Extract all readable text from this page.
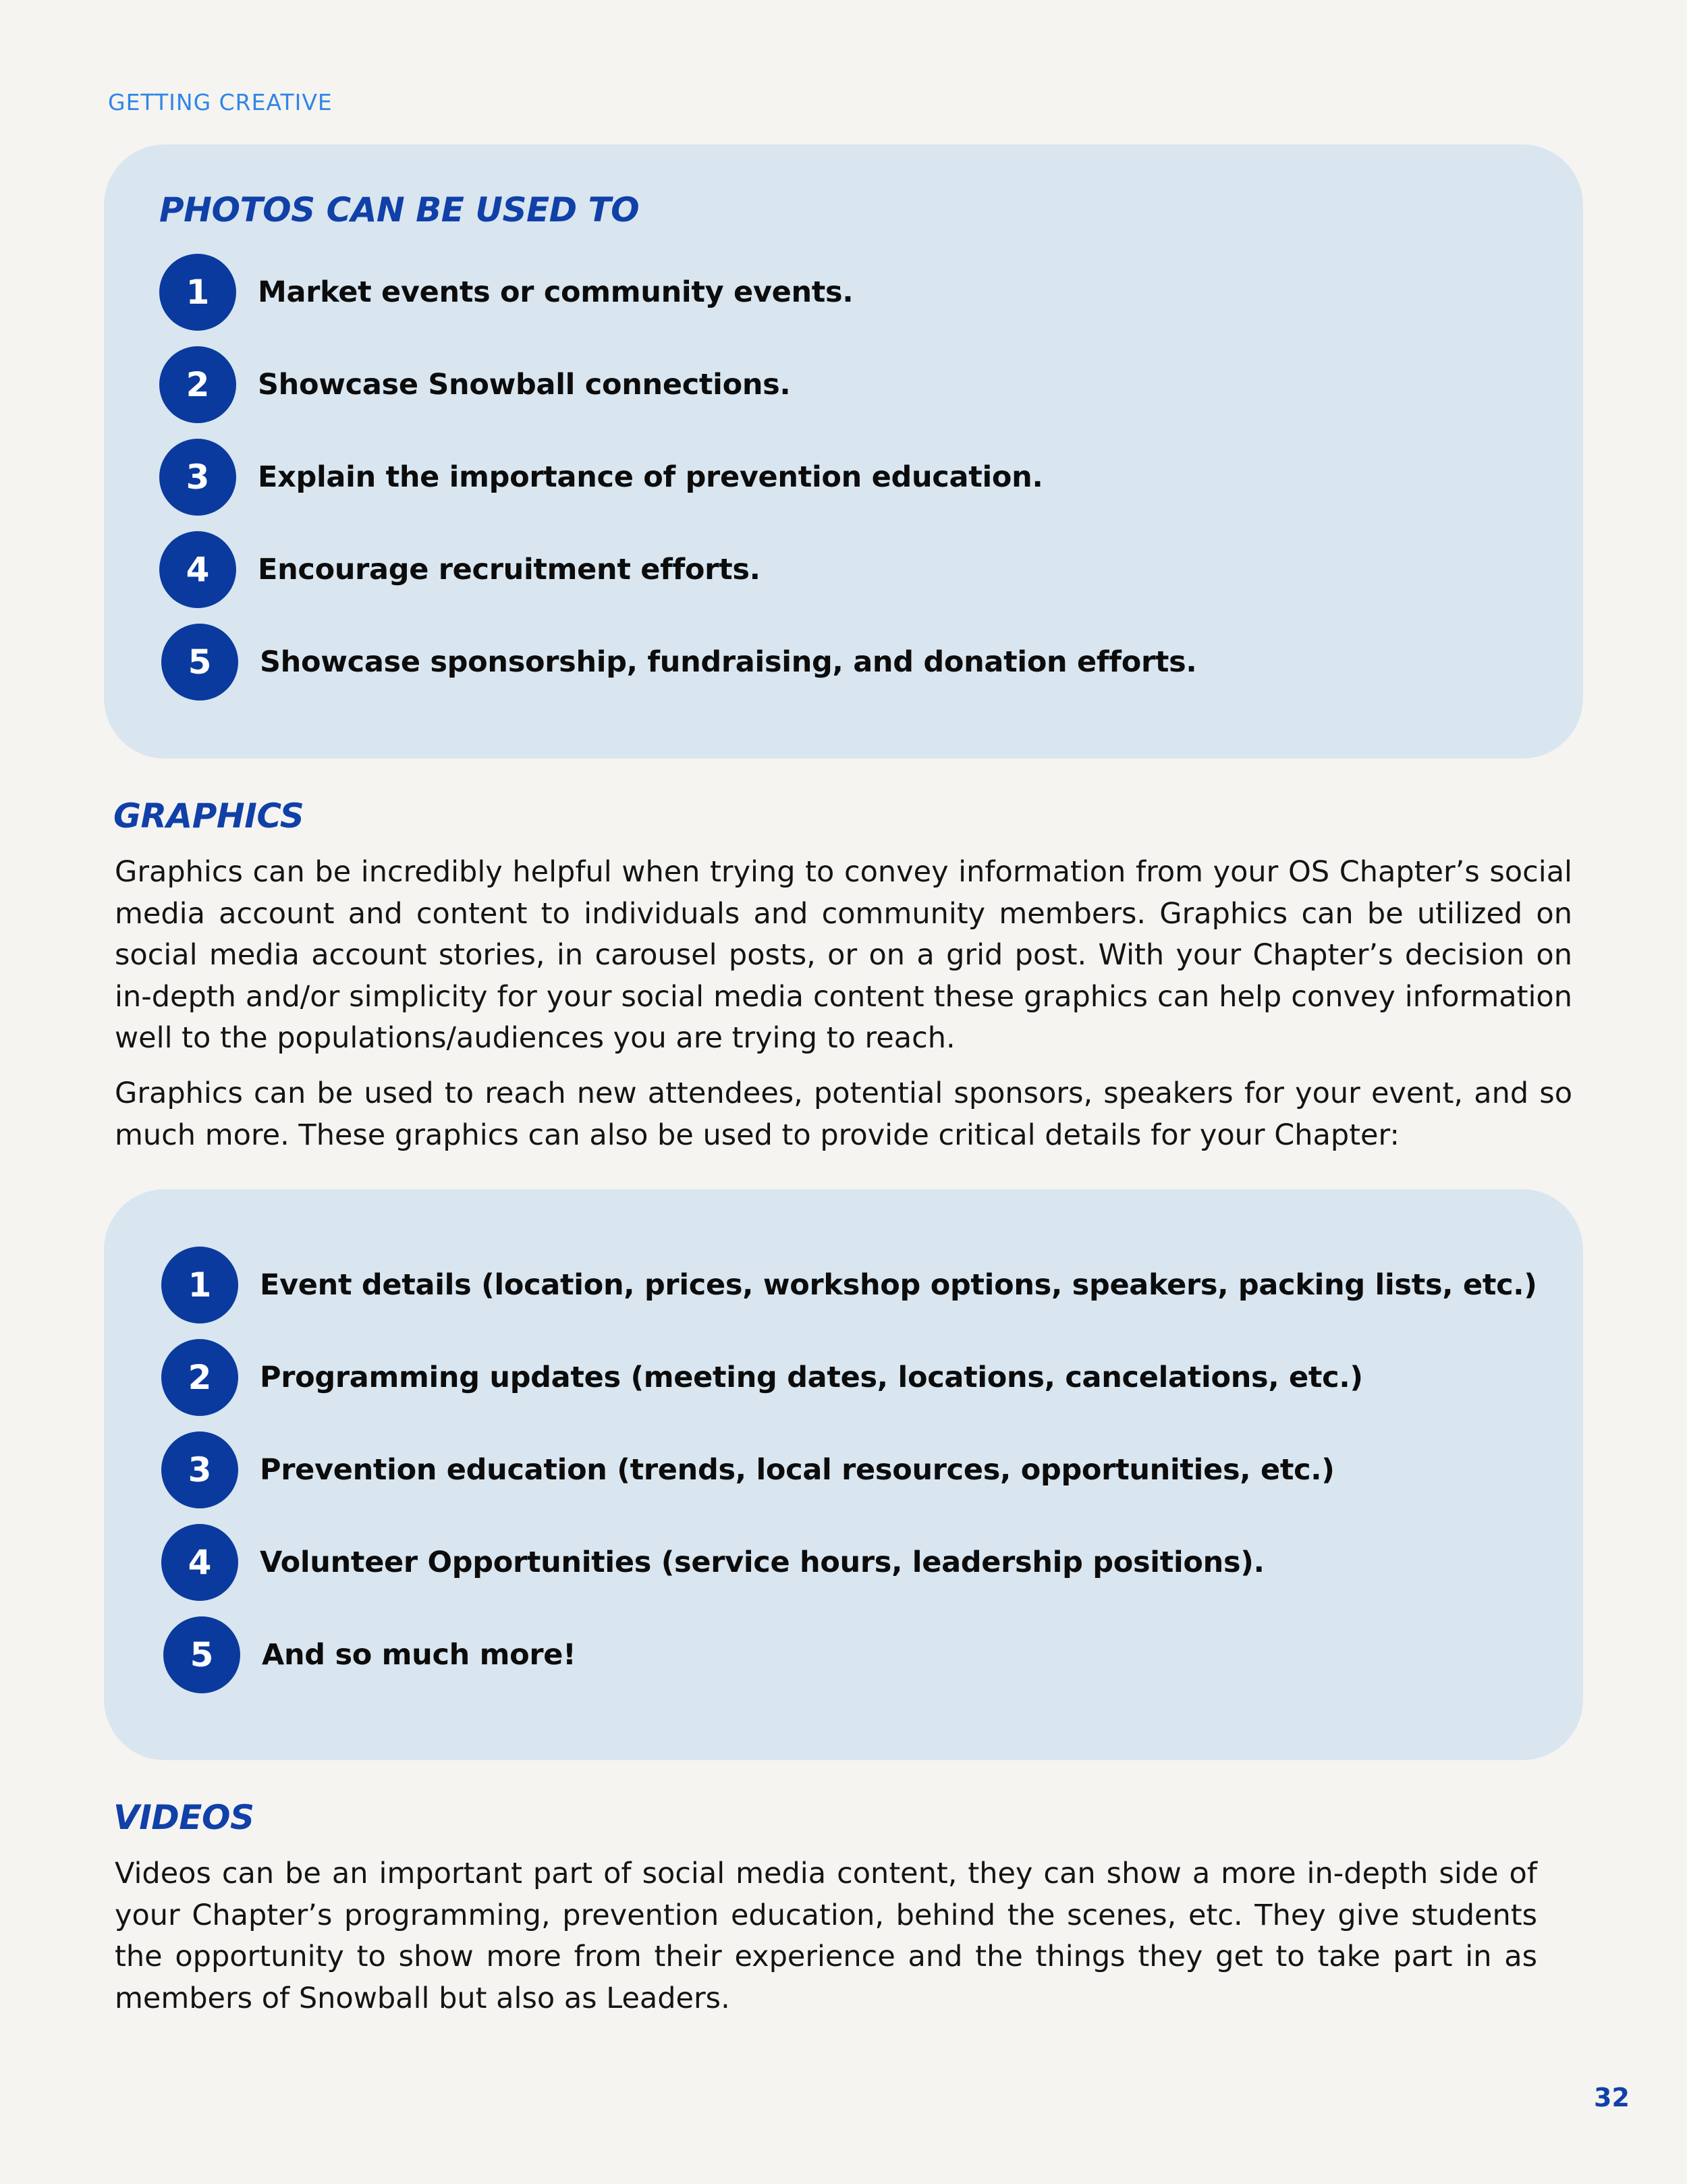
GETTING CREATIVE
PHOTOS CAN BE USED TO
1	Market events or community events.
2	Showcase Snowball connections.
3	Explain the importance of prevention education.
4	Encourage recruitment efforts.
5	Showcase sponsorship, fundraising, and donation efforts.
GRAPHICS

Graphics can be incredibly helpful when trying to convey information from your OS Chapter’s social media account and content to individuals and community members. Graphics can be utilized on social media account stories, in carousel posts, or on a grid post. With your Chapter’s decision on in-depth and/or simplicity for your social media content these graphics can help convey information well to the populations/audiences you are trying to reach.

Graphics can be used to reach new attendees, potential sponsors, speakers for your event, and so much more. These graphics can also be used to provide critical details for your Chapter:

1	Event details (location, prices, workshop options, speakers, packing lists, etc.)
2	Programming updates (meeting dates, locations, cancelations, etc.)
3	Prevention education (trends, local resources, opportunities, etc.)
4	Volunteer Opportunities (service hours, leadership positions).
5	And so much more!
VIDEOS

Videos can be an important part of social media content, they can show a more in-depth side of your Chapter’s programming, prevention education, behind the scenes, etc. They give students the opportunity to show more from their experience and the things they get to take part in as members of Snowball but also as Leaders.

32
